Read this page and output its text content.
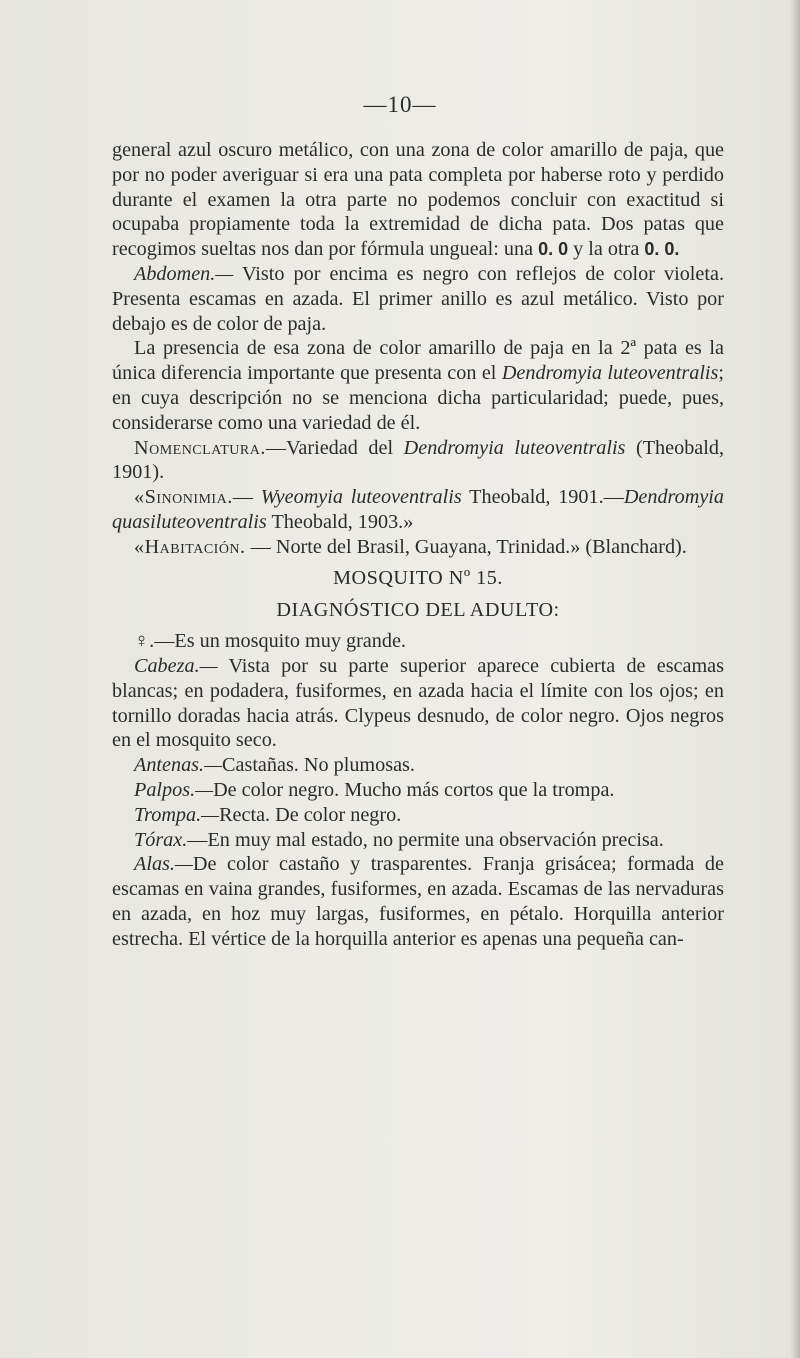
—10—

general azul oscuro metálico, con una zona de color amarillo de paja, que por no poder averiguar si era una pata completa por haberse roto y perdido durante el examen la otra parte no podemos concluir con exactitud si ocupaba propiamente toda la extremidad de dicha pata. Dos patas que recogimos sueltas nos dan por fórmula ungueal: una 0. 0 y la otra 0. 0.

Abdomen.— Visto por encima es negro con reflejos de color violeta. Presenta escamas en azada. El primer anillo es azul metálico. Visto por debajo es de color de paja.

La presencia de esa zona de color amarillo de paja en la 2ª pata es la única diferencia importante que presenta con el Dendromyia luteoventralis; en cuya descripción no se menciona dicha particularidad; puede, pues, considerarse como una variedad de él.

Nomenclatura.—Variedad del Dendromyia luteoventralis (Theobald, 1901).

«Sinonimia.— Wyeomyia luteoventralis Theobald, 1901.—Dendromyia quasiluteoventralis Theobald, 1903.»

«Habitación. — Norte del Brasil, Guayana, Trinidad.» (Blanchard).

MOSQUITO Nº 15.

DIAGNÓSTICO DEL ADULTO:

♀.—Es un mosquito muy grande.

Cabeza.— Vista por su parte superior aparece cubierta de escamas blancas; en podadera, fusiformes, en azada hacia el límite con los ojos; en tornillo doradas hacia atrás. Clypeus desnudo, de color negro. Ojos negros en el mosquito seco.

Antenas.—Castañas. No plumosas.

Palpos.—De color negro. Mucho más cortos que la trompa.

Trompa.—Recta. De color negro.

Tórax.—En muy mal estado, no permite una observación precisa.

Alas.—De color castaño y trasparentes. Franja grisácea; formada de escamas en vaina grandes, fusiformes, en azada. Escamas de las nervaduras en azada, en hoz muy largas, fusiformes, en pétalo. Horquilla anterior estrecha. El vértice de la horquilla anterior es apenas una pequeña can-
